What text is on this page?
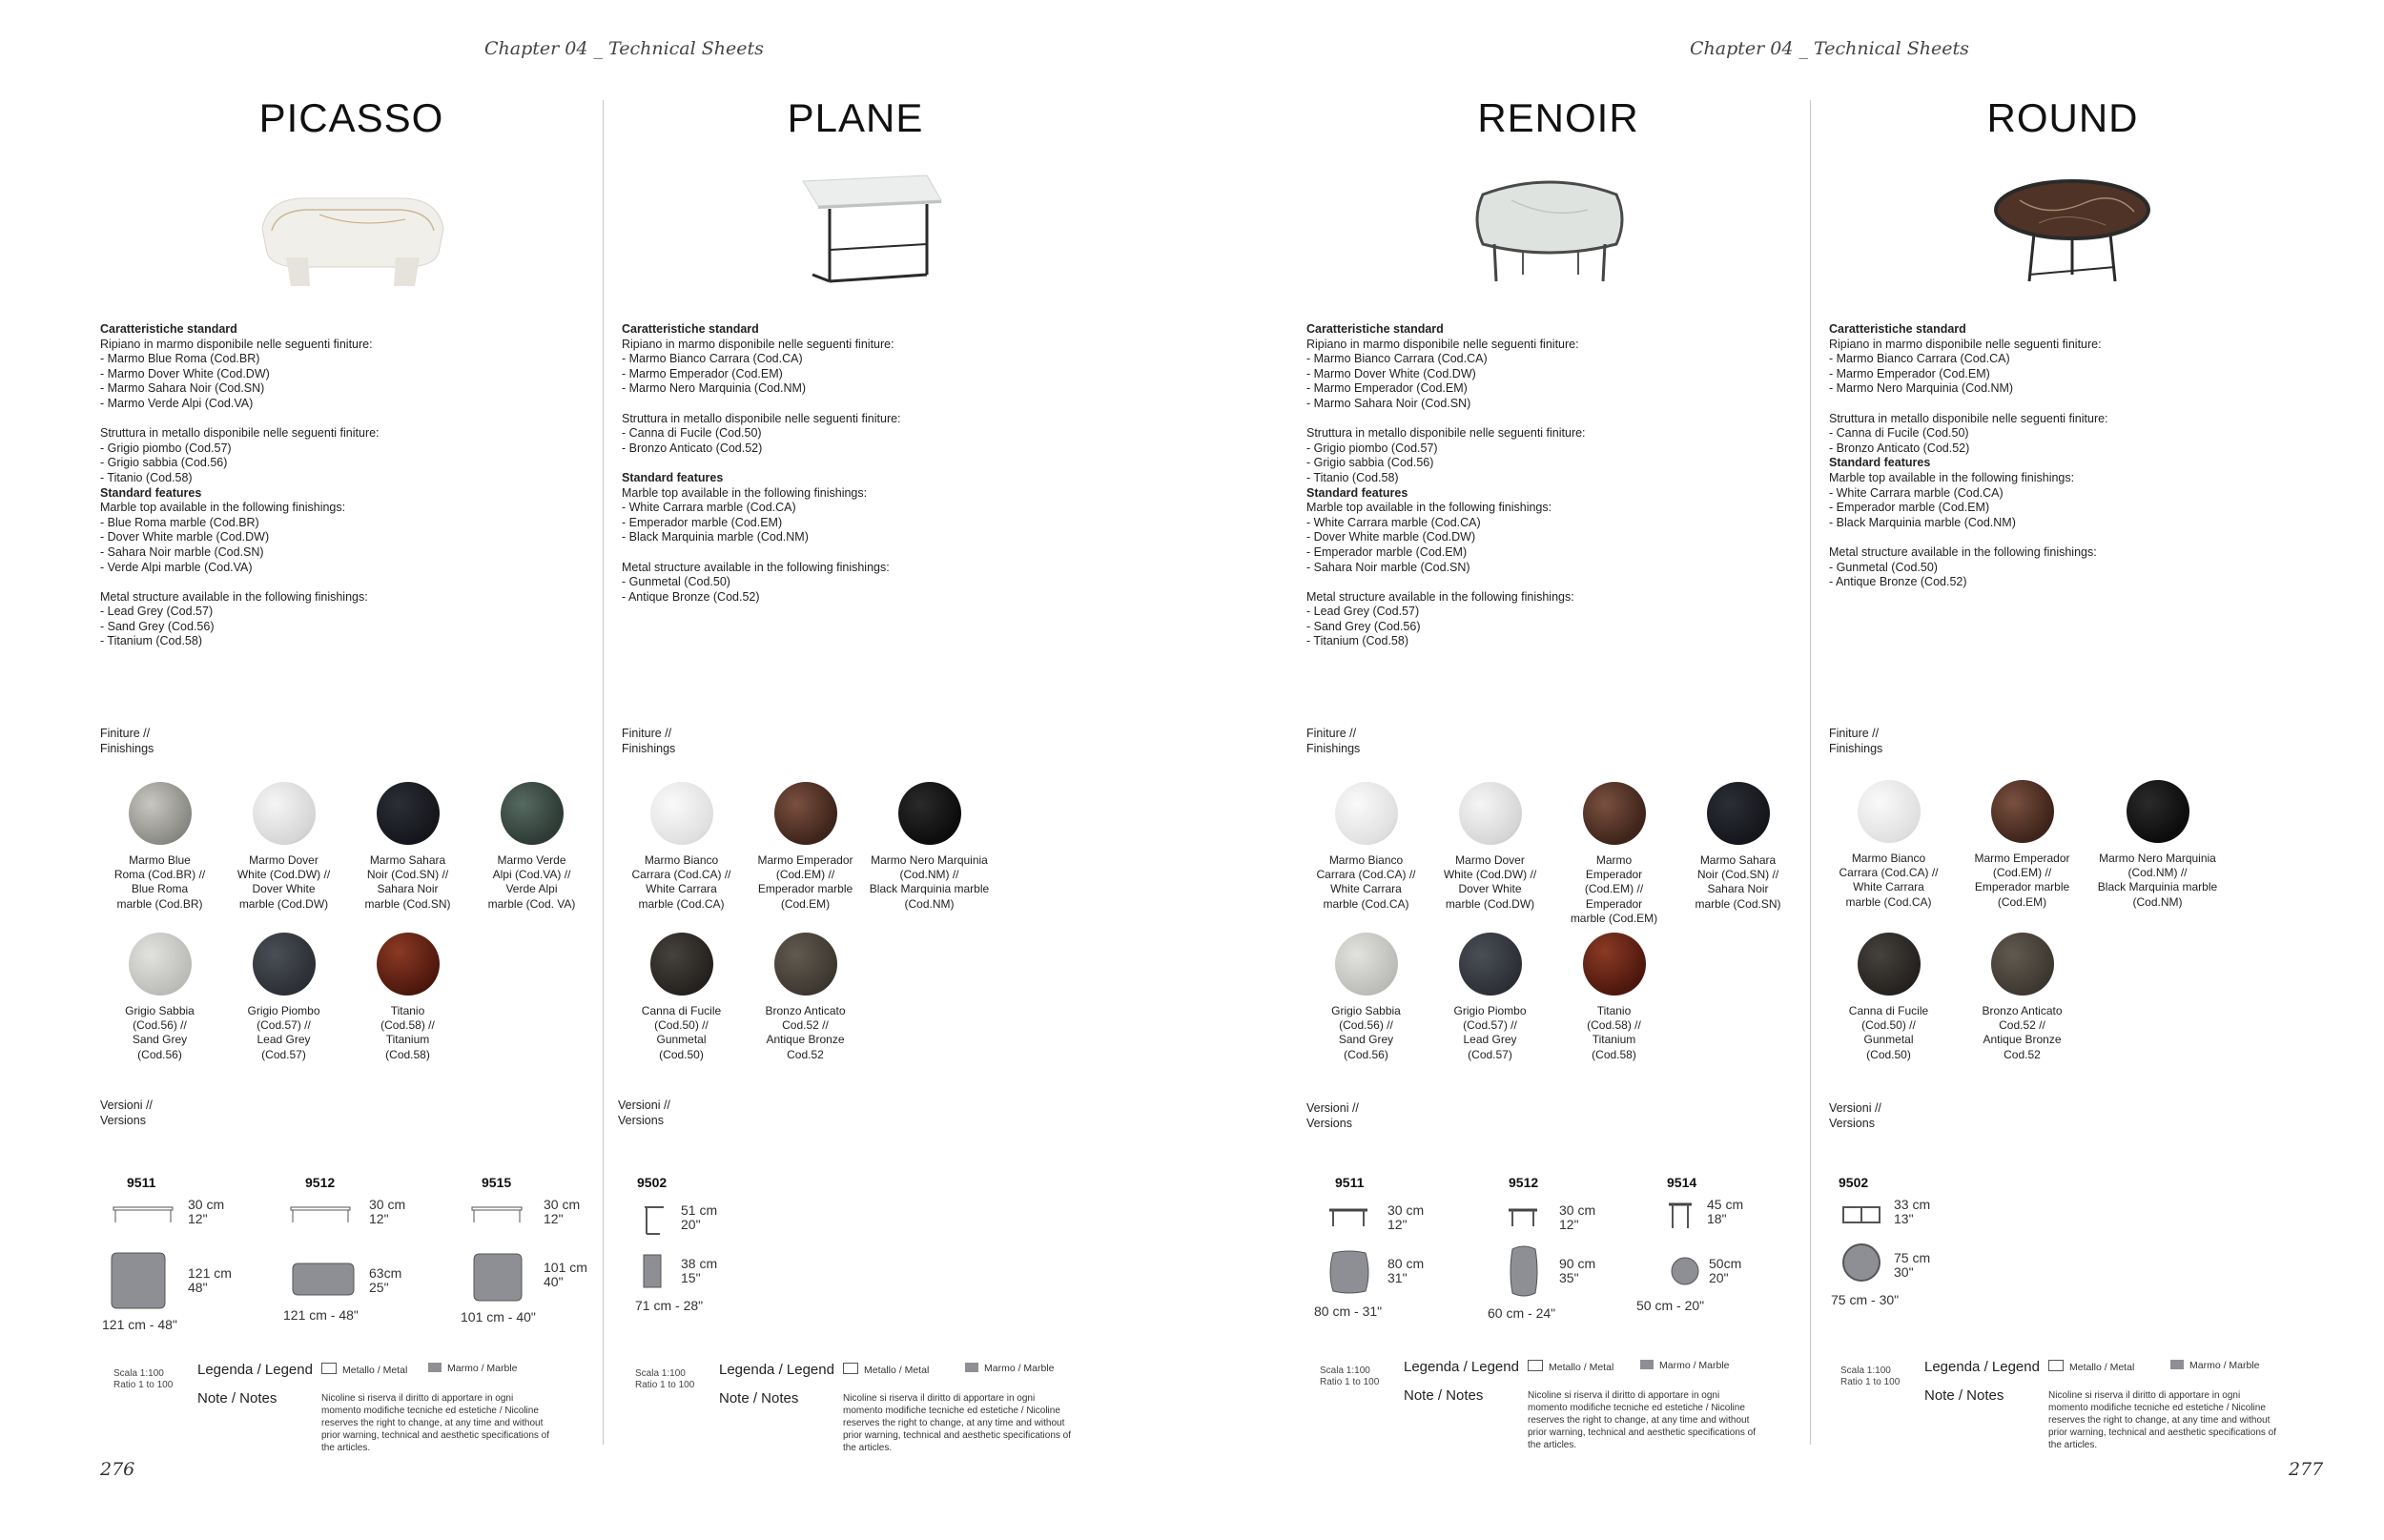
Chapter 04 _ Technical Sheets	Chapter 04 _ Technical Sheets
PICASSO
Caratteristiche standard
Ripiano in marmo disponibile nelle seguenti finiture:
- Marmo Blue Roma (Cod.BR)
- Marmo Dover White (Cod.DW)
- Marmo Sahara Noir (Cod.SN)
- Marmo Verde Alpi (Cod.VA)

Struttura in metallo disponibile nelle seguenti finiture:
- Grigio piombo (Cod.57)
- Grigio sabbia (Cod.56)
- Titanio (Cod.58)
Standard features
Marble top available in the following finishings:
- Blue Roma marble (Cod.BR)
- Dover White marble (Cod.DW)
- Sahara Noir marble (Cod.SN)
- Verde Alpi marble (Cod.VA)

Metal structure available in the following finishings:
- Lead Grey (Cod.57)
- Sand Grey (Cod.56)
- Titanium (Cod.58)
Finiture //
Finishings
Marmo Blue
Roma (Cod.BR) //
Blue Roma
marble (Cod.BR)
Marmo Dover
White (Cod.DW) //
Dover White
marble (Cod.DW)
Marmo Sahara
Noir (Cod.SN) //
Sahara Noir
marble (Cod.SN)
Marmo Verde
Alpi (Cod.VA) //
Verde Alpi
marble (Cod. VA)
Grigio Sabbia
(Cod.56) //
Sand Grey
(Cod.56)
Grigio Piombo
(Cod.57) //
Lead Grey
(Cod.57)
Titanio
(Cod.58) //
Titanium
(Cod.58)
Versioni //
Versions
9511
30 cm
12"
121 cm
48"
121 cm - 48"
9512
30 cm
12"
63cm
25"
121 cm - 48"
9515
30 cm
12"
101 cm
40"
101 cm - 40"
Scala 1:100
Ratio 1 to 100
Legenda / Legend	Metallo / Metal	Marmo / Marble
Note / Notes	Nicoline si riserva il diritto di apportare in ogni momento modifiche tecniche ed estetiche / Nicoline reserves the right to change, at any time and without prior warning, technical and aesthetic specifications of the articles.
PLANE
Caratteristiche standard
Ripiano in marmo disponibile nelle seguenti finiture:
- Marmo Bianco Carrara (Cod.CA)
- Marmo Emperador (Cod.EM)
- Marmo Nero Marquinia (Cod.NM)

Struttura in metallo disponibile nelle seguenti finiture:
- Canna di Fucile (Cod.50)
- Bronzo Anticato (Cod.52)

Standard features
Marble top available in the following finishings:
- White Carrara marble (Cod.CA)
- Emperador marble (Cod.EM)
- Black Marquinia marble (Cod.NM)

Metal structure available in the following finishings:
- Gunmetal (Cod.50)
- Antique Bronze (Cod.52)
Finiture //
Finishings
Marmo Bianco
Carrara (Cod.CA) //
White Carrara
marble (Cod.CA)
Marmo Emperador
(Cod.EM) //
Emperador marble
(Cod.EM)
Marmo Nero Marquinia
(Cod.NM) //
Black Marquinia marble
(Cod.NM)
Canna di Fucile
(Cod.50) //
Gunmetal
(Cod.50)
Bronzo Anticato
Cod.52 //
Antique Bronze
Cod.52
Versioni //
Versions
9502
51 cm
20"
38 cm
15"
71 cm - 28"
Scala 1:100
Ratio 1 to 100
Legenda / Legend	Metallo / Metal	Marmo / Marble
Note / Notes	Nicoline si riserva il diritto di apportare in ogni momento modifiche tecniche ed estetiche / Nicoline reserves the right to change, at any time and without prior warning, technical and aesthetic specifications of the articles.
RENOIR
Caratteristiche standard
Ripiano in marmo disponibile nelle seguenti finiture:
- Marmo Bianco Carrara (Cod.CA)
- Marmo Dover White (Cod.DW)
- Marmo Emperador (Cod.EM)
- Marmo Sahara Noir (Cod.SN)

Struttura in metallo disponibile nelle seguenti finiture:
- Grigio piombo (Cod.57)
- Grigio sabbia (Cod.56)
- Titanio (Cod.58)
Standard features
Marble top available in the following finishings:
- White Carrara marble (Cod.CA)
- Dover White marble (Cod.DW)
- Emperador marble (Cod.EM)
- Sahara Noir marble (Cod.SN)

Metal structure available in the following finishings:
- Lead Grey (Cod.57)
- Sand Grey (Cod.56)
- Titanium (Cod.58)
Finiture //
Finishings
Marmo Bianco
Carrara (Cod.CA) //
White Carrara
marble (Cod.CA)
Marmo Dover
White (Cod.DW) //
Dover White
marble (Cod.DW)
Marmo
Emperador
(Cod.EM) //
Emperador
marble (Cod.EM)
Marmo Sahara
Noir (Cod.SN) //
Sahara Noir
marble (Cod.SN)
Grigio Sabbia
(Cod.56) //
Sand Grey
(Cod.56)
Grigio Piombo
(Cod.57) //
Lead Grey
(Cod.57)
Titanio
(Cod.58) //
Titanium
(Cod.58)
Versioni //
Versions
9511
30 cm
12"
80 cm
31"
80 cm - 31"
9512
30 cm
12"
90 cm
35"
60 cm - 24"
9514
45 cm
18"
50cm
20"
50 cm - 20"
Scala 1:100
Ratio 1 to 100
Legenda / Legend	Metallo / Metal	Marmo / Marble
Note / Notes	Nicoline si riserva il diritto di apportare in ogni momento modifiche tecniche ed estetiche / Nicoline reserves the right to change, at any time and without prior warning, technical and aesthetic specifications of the articles.
ROUND
Caratteristiche standard
Ripiano in marmo disponibile nelle seguenti finiture:
- Marmo Bianco Carrara (Cod.CA)
- Marmo Emperador (Cod.EM)
- Marmo Nero Marquinia (Cod.NM)

Struttura in metallo disponibile nelle seguenti finiture:
- Canna di Fucile (Cod.50)
- Bronzo Anticato (Cod.52)
Standard features
Marble top available in the following finishings:
- White Carrara marble (Cod.CA)
- Emperador marble (Cod.EM)
- Black Marquinia marble (Cod.NM)

Metal structure available in the following finishings:
- Gunmetal (Cod.50)
- Antique Bronze (Cod.52)
Finiture //
Finishings
Marmo Bianco
Carrara (Cod.CA) //
White Carrara
marble (Cod.CA)
Marmo Emperador
(Cod.EM) //
Emperador marble
(Cod.EM)
Marmo Nero Marquinia
(Cod.NM) //
Black Marquinia marble
(Cod.NM)
Canna di Fucile
(Cod.50) //
Gunmetal
(Cod.50)
Bronzo Anticato
Cod.52 //
Antique Bronze
Cod.52
Versioni //
Versions
9502
33 cm
13"
75 cm
30"
75 cm - 30"
Scala 1:100
Ratio 1 to 100
Legenda / Legend	Metallo / Metal	Marmo / Marble
Note / Notes	Nicoline si riserva il diritto di apportare in ogni momento modifiche tecniche ed estetiche / Nicoline reserves the right to change, at any time and without prior warning, technical and aesthetic specifications of the articles.
276	277
